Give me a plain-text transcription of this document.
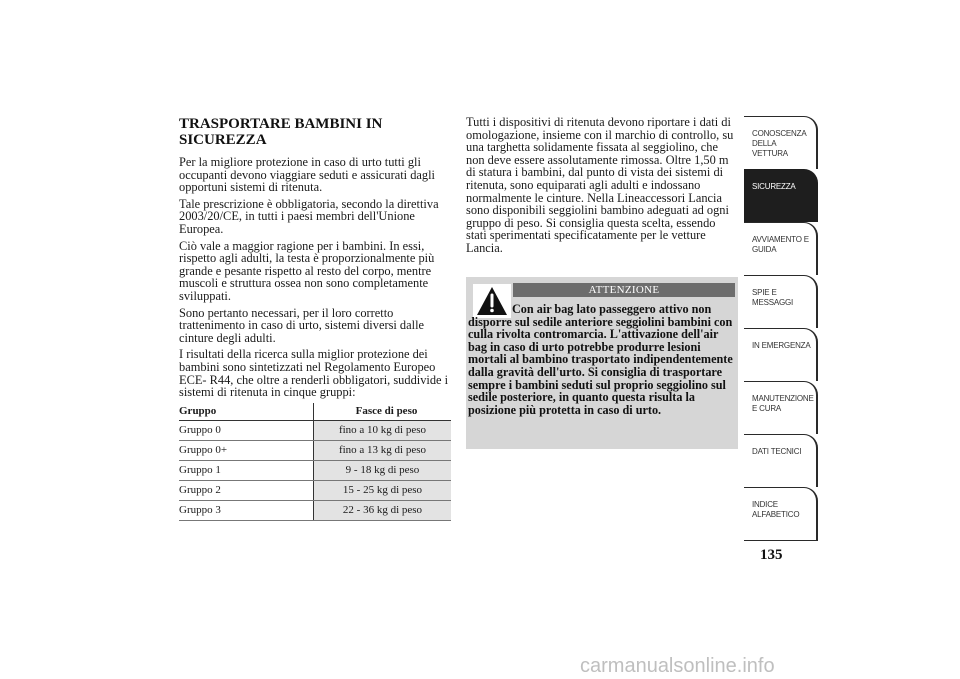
TRASPORTARE BAMBINI IN SICUREZZA

Per la migliore protezione in caso di urto tutti gli occupanti devono viaggiare seduti e assicurati dagli opportuni sistemi di ritenuta.

Tale prescrizione è obbligatoria, secondo la direttiva 2003/20/CE, in tutti i paesi membri dell'Unione Europea.

Ciò vale a maggior ragione per i bambini. In essi, rispetto agli adulti, la testa è proporzionalmente più grande e pesante rispetto al resto del corpo, mentre muscoli e struttura ossea non sono completamente sviluppati.

Sono pertanto necessari, per il loro corretto trattenimento in caso di urto, sistemi diversi dalle cinture degli adulti.

I risultati della ricerca sulla miglior protezione dei bambini sono sintetizzati nel Regolamento Europeo ECE- R44, che oltre a renderli obbligatori, suddivide i sistemi di ritenuta in cinque gruppi:

Gruppo	Fasce di peso
Gruppo 0	fino a 10 kg di peso
Gruppo 0+	fino a 13 kg di peso
Gruppo 1	9 - 18 kg di peso
Gruppo 2	15 - 25 kg di peso
Gruppo 3	22 - 36 kg di peso

Tutti i dispositivi di ritenuta devono riportare i dati di omologazione, insieme con il marchio di controllo, su una targhetta solidamente fissata al seggiolino, che non deve essere assolutamente rimossa. Oltre 1,50 m di statura i bambini, dal punto di vista dei sistemi di ritenuta, sono equiparati agli adulti e indossano normalmente le cinture. Nella Lineaccessori Lancia sono disponibili seggiolini bambino adeguati ad ogni gruppo di peso. Si consiglia questa scelta, essendo stati sperimentati specificatamente per le vetture Lancia.

ATTENZIONE
Con air bag lato passeggero attivo non disporre sul sedile anteriore seggiolini bambini con culla rivolta contromarcia. L'attivazione dell'air bag in caso di urto potrebbe produrre lesioni mortali al bambino trasportato indipendentemente dalla gravità dell'urto. Si consiglia di trasportare sempre i bambini seduti sul proprio seggiolino sul sedile posteriore, in quanto questa risulta la posizione più protetta in caso di urto.
CONOSCENZA DELLA VETTURA
SICUREZZA
AVVIAMENTO E GUIDA
SPIE E MESSAGGI
IN EMERGENZA
MANUTENZIONE E CURA
DATI TECNICI
INDICE ALFABETICO
135
carmanualsonline.info
